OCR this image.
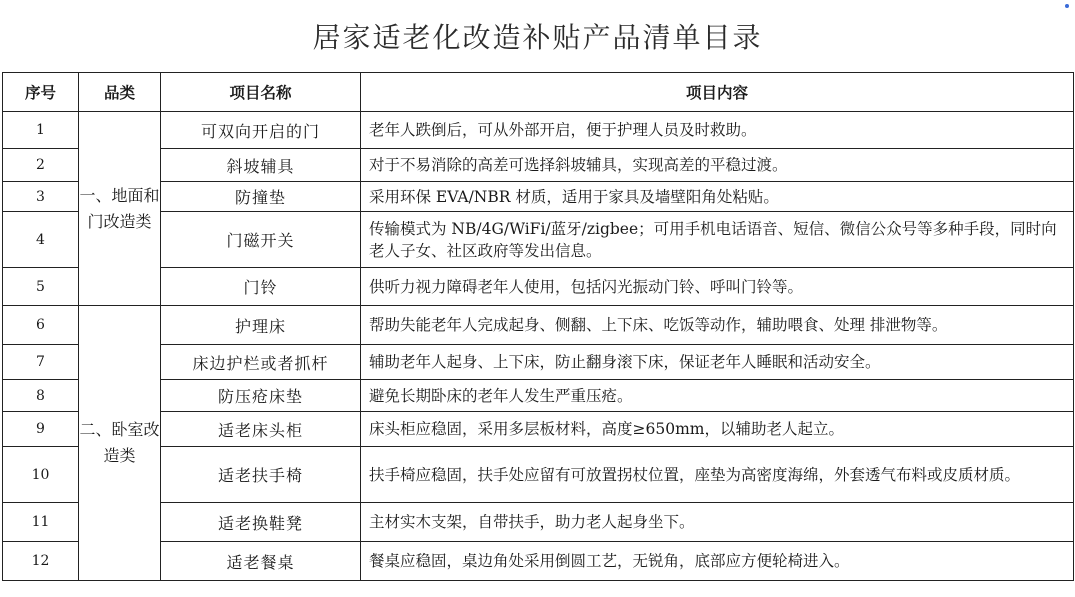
居家适老化改造补贴产品清单目录
序号	品类	项目名称	项目内容
1	一、地面和门改造类	可双向开启的门	老年人跌倒后，可从外部开启，便于护理人员及时救助。
2		斜坡辅具	对于不易消除的高差可选择斜坡辅具，实现高差的平稳过渡。
3		防撞垫	采用环保 EVA/NBR 材质，适用于家具及墙壁阳角处粘贴。
4		门磁开关	传输模式为 NB/4G/WiFi/蓝牙/zigbee；可用手机电话语音、短信、微信公众号等多种手段，同时向老人子女、社区政府等发出信息。
5		门铃	供听力视力障碍老年人使用，包括闪光振动门铃、呼叫门铃等。
6	二、卧室改造类	护理床	帮助失能老年人完成起身、侧翻、上下床、吃饭等动作，辅助喂食、处理 排泄物等。
7		床边护栏或者抓杆	辅助老年人起身、上下床，防止翻身滚下床，保证老年人睡眠和活动安全。
8		防压疮床垫	避免长期卧床的老年人发生严重压疮。
9		适老床头柜	床头柜应稳固，采用多层板材料，高度≥650mm，以辅助老人起立。
10		适老扶手椅	扶手椅应稳固，扶手处应留有可放置拐杖位置，座垫为高密度海绵，外套透气布料或皮质材质。
11		适老换鞋凳	主材实木支架，自带扶手，助力老人起身坐下。
12		适老餐桌	餐桌应稳固，桌边角处采用倒圆工艺，无锐角，底部应方便轮椅进入。
